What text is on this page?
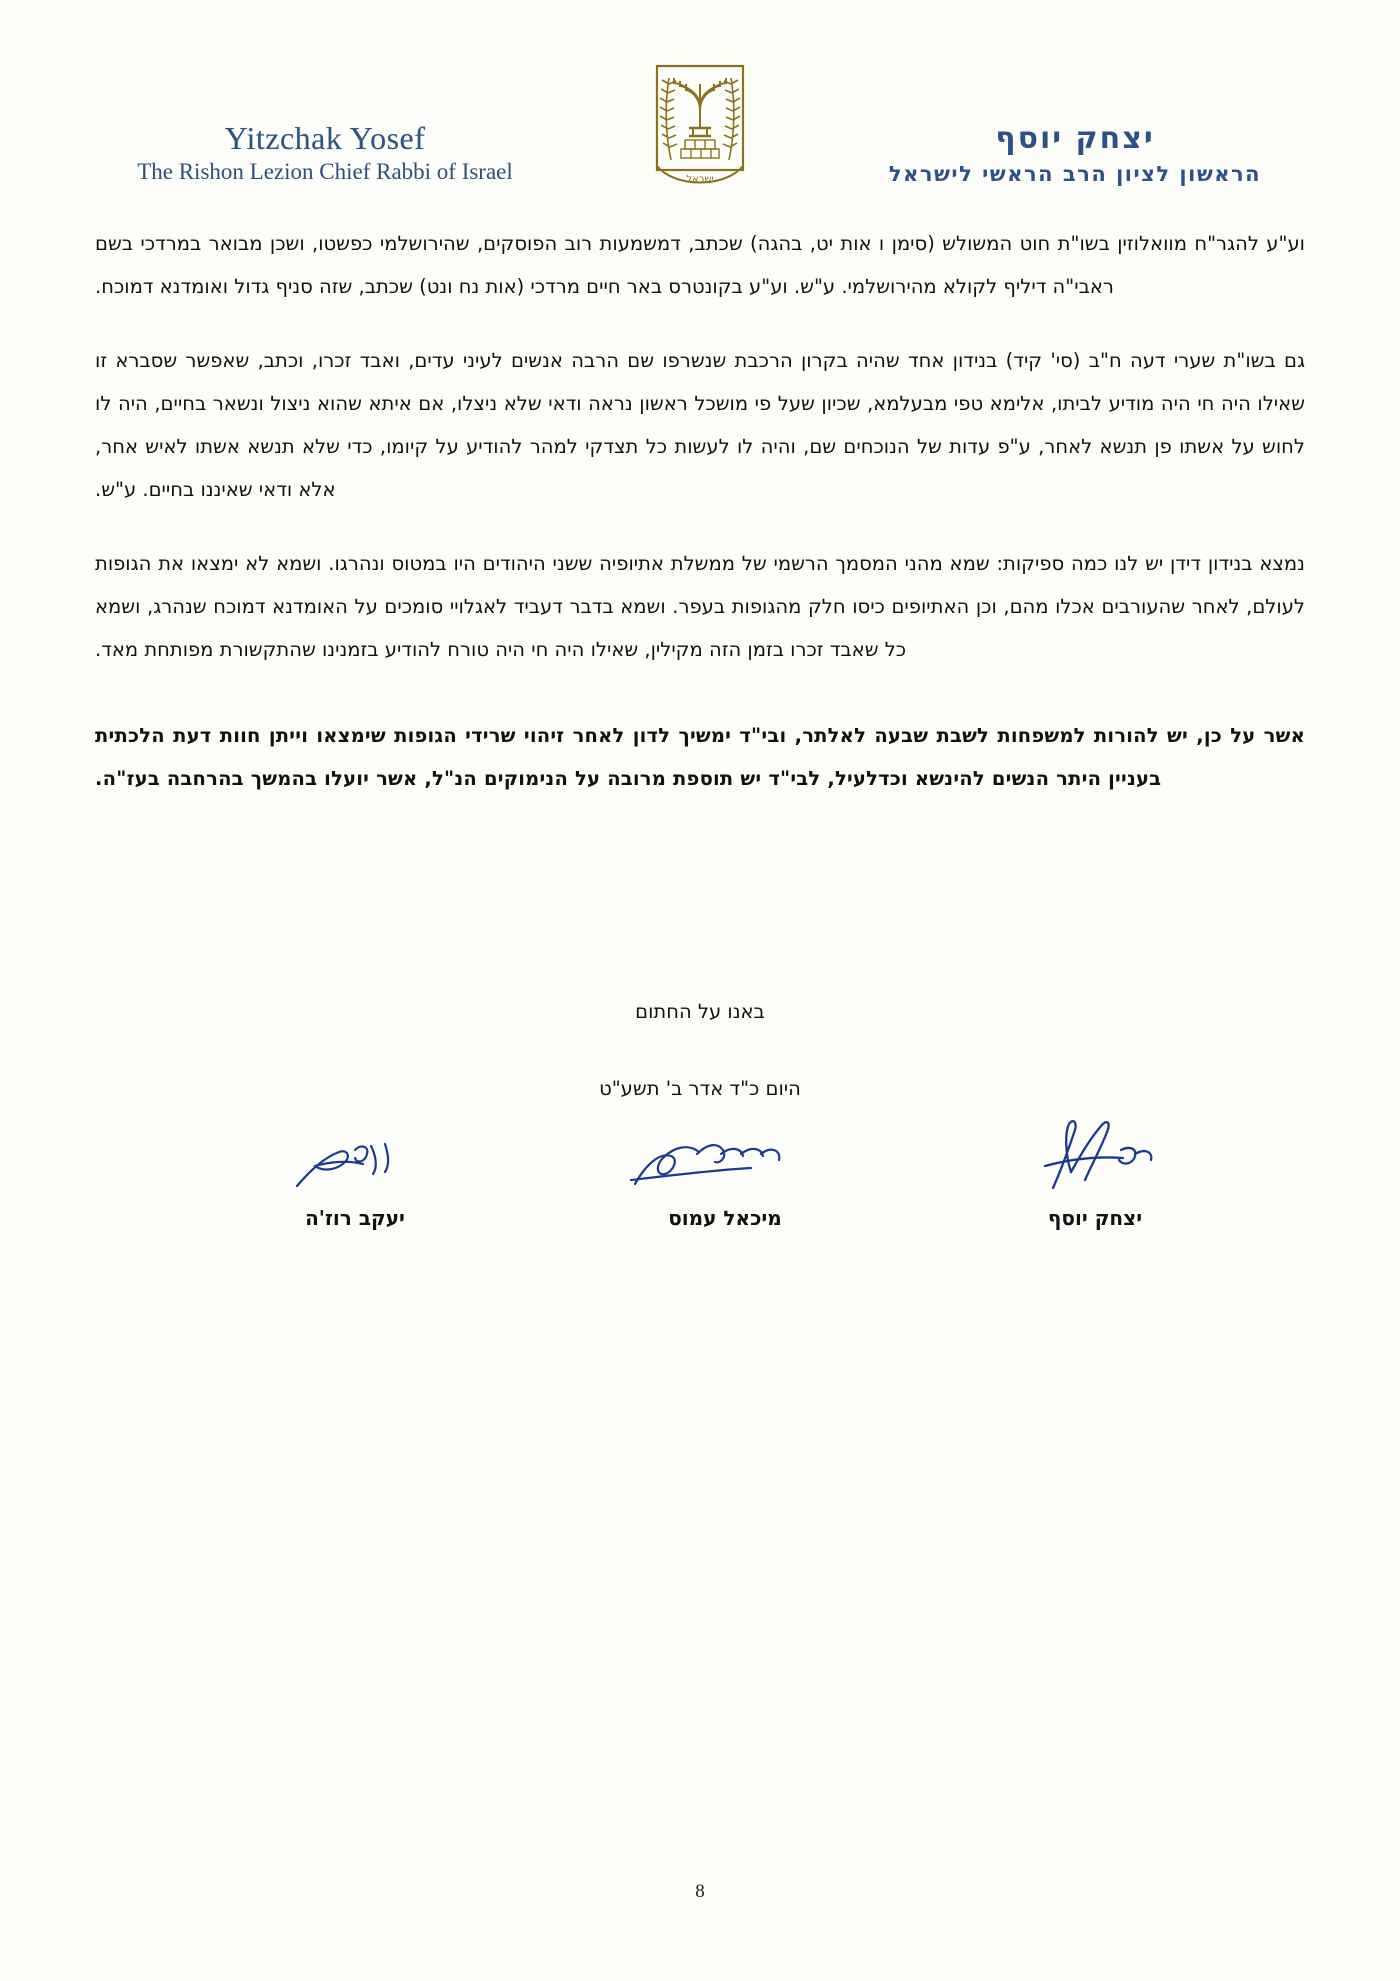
Yitzchak Yosef
The Rishon Lezion Chief Rabbi of Israel	ישראל
יצחק יוסף
הראשון לציון הרב הראשי לישראל

וע"ע להגר"ח מוואלוזין בשו"ת חוט המשולש (סימן ו אות יט, בהגה) שכתב, דמשמעות רוב הפוסקים, שהירושלמי כפשטו, ושכן מבואר במרדכי בשם ראבי"ה דיליף לקולא מהירושלמי. ע"ש. וע"ע בקונטרס באר חיים מרדכי (אות נח ונט) שכתב, שזה סניף גדול ואומדנא דמוכח.

גם בשו"ת שערי דעה ח"ב (סי' קיד) בנידון אחד שהיה בקרון הרכבת שנשרפו שם הרבה אנשים לעיני עדים, ואבד זכרו, וכתב, שאפשר שסברא זו שאילו היה חי היה מודיע לביתו, אלימא טפי מבעלמא, שכיון שעל פי מושכל ראשון נראה ודאי שלא ניצלו, אם איתא שהוא ניצול ונשאר בחיים, היה לו לחוש על אשתו פן תנשא לאחר, ע"פ עדות של הנוכחים שם, והיה לו לעשות כל תצדקי למהר להודיע על קיומו, כדי שלא תנשא אשתו לאיש אחר, אלא ודאי שאיננו בחיים. ע"ש.

נמצא בנידון דידן יש לנו כמה ספיקות: שמא מהני המסמך הרשמי של ממשלת אתיופיה ששני היהודים היו במטוס ונהרגו. ושמא לא ימצאו את הגופות לעולם, לאחר שהעורבים אכלו מהם, וכן האתיופים כיסו חלק מהגופות בעפר. ושמא בדבר דעביד לאגלויי סומכים על האומדנא דמוכח שנהרג, ושמא כל שאבד זכרו בזמן הזה מקילין, שאילו היה חי היה טורח להודיע בזמנינו שהתקשורת מפותחת מאד.

אשר על כן, יש להורות למשפחות לשבת שבעה לאלתר, ובי"ד ימשיך לדון לאחר זיהוי שרידי הגופות שימצאו וייתן חוות דעת הלכתית בעניין היתר הנשים להינשא וכדלעיל, לבי"ד יש תוספת מרובה על הנימוקים הנ"ל, אשר יועלו בהמשך בהרחבה בעז"ה.

באנו על החתום
היום כ"ד אדר ב' תשע"ט
יצחק יוסף
מיכאל עמוס
יעקב רוז'ה
8
